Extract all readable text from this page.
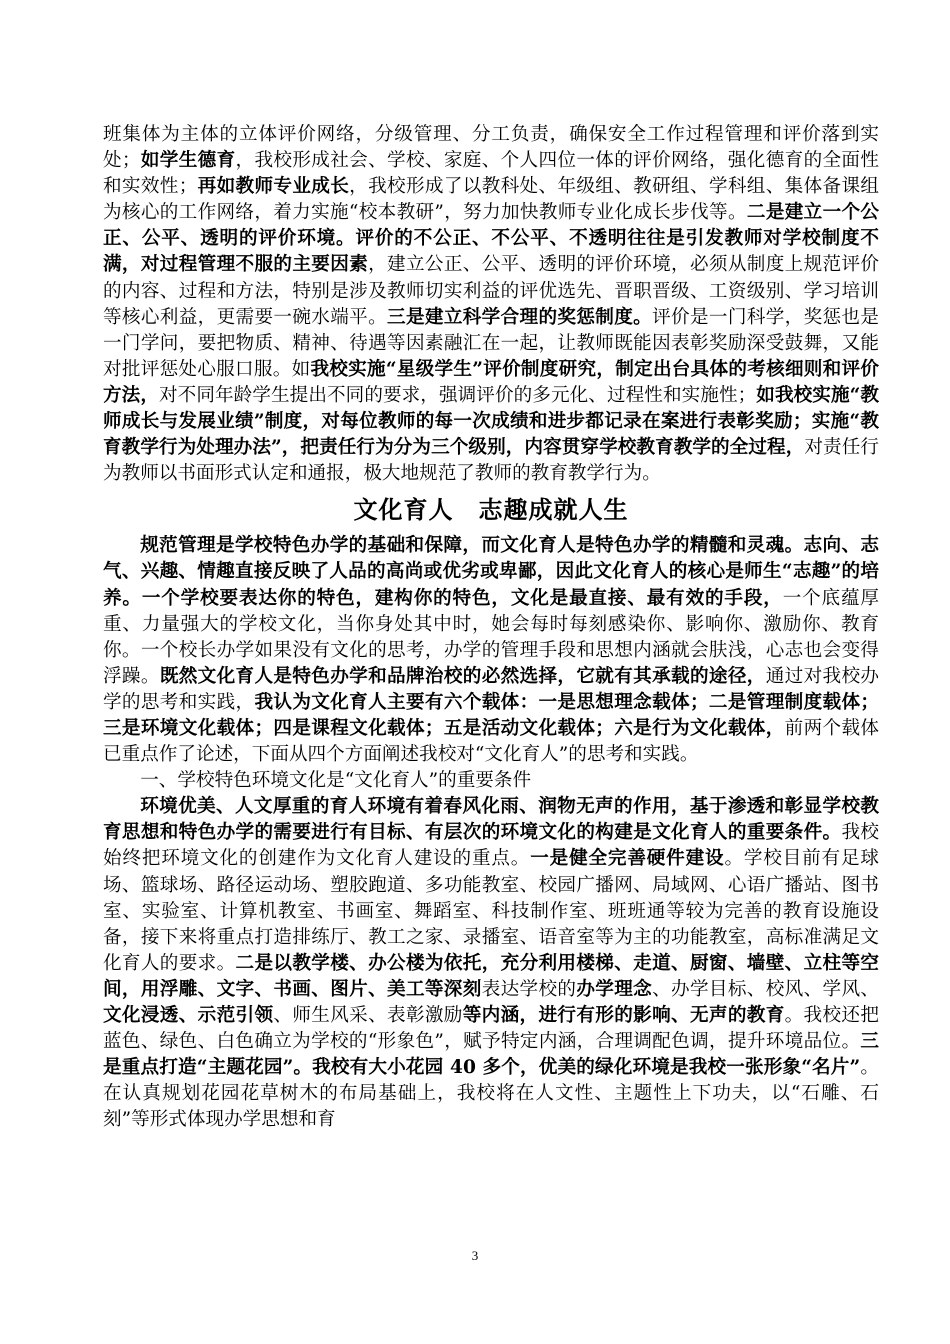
班集体为主体的立体评价网络，分级管理、分工负责，确保安全工作过程管理和评价落到实处；如学生德育，我校形成社会、学校、家庭、个人四位一体的评价网络，强化德育的全面性和实效性；再如教师专业成长，我校形成了以教科处、年级组、教研组、学科组、集体备课组为核心的工作网络，着力实施“校本教研”，努力加快教师专业化成长步伐等。二是建立一个公正、公平、透明的评价环境。评价的不公正、不公平、不透明往往是引发教师对学校制度不满，对过程管理不服的主要因素，建立公正、公平、透明的评价环境，必须从制度上规范评价的内容、过程和方法，特别是涉及教师切实利益的评优选先、晋职晋级、工资级别、学习培训等核心利益，更需要一碗水端平。三是建立科学合理的奖惩制度。评价是一门科学，奖惩也是一门学问，要把物质、精神、待遇等因素融汇在一起，让教师既能因表彰奖励深受鼓舞，又能对批评惩处心服口服。如我校实施“星级学生”评价制度研究，制定出台具体的考核细则和评价方法，对不同年龄学生提出不同的要求，强调评价的多元化、过程性和实施性；如我校实施“教师成长与发展业绩”制度，对每位教师的每一次成绩和进步都记录在案进行表彰奖励；实施“教育教学行为处理办法”，把责任行为分为三个级别，内容贯穿学校教育教学的全过程，对责任行为教师以书面形式认定和通报，极大地规范了教师的教育教学行为。

文化育人　志趣成就人生

规范管理是学校特色办学的基础和保障，而文化育人是特色办学的精髓和灵魂。志向、志气、兴趣、情趣直接反映了人品的高尚或优劣或卑鄙，因此文化育人的核心是师生“志趣”的培养。一个学校要表达你的特色，建构你的特色，文化是最直接、最有效的手段，一个底蕴厚重、力量强大的学校文化，当你身处其中时，她会每时每刻感染你、影响你、激励你、教育你。一个校长办学如果没有文化的思考，办学的管理手段和思想内涵就会肤浅，心志也会变得浮躁。既然文化育人是特色办学和品牌治校的必然选择，它就有其承载的途径，通过对我校办学的思考和实践，我认为文化育人主要有六个载体：一是思想理念载体；二是管理制度载体；三是环境文化载体；四是课程文化载体；五是活动文化载体；六是行为文化载体，前两个载体已重点作了论述，下面从四个方面阐述我校对“文化育人”的思考和实践。

一、学校特色环境文化是“文化育人”的重要条件

环境优美、人文厚重的育人环境有着春风化雨、润物无声的作用，基于渗透和彰显学校教育思想和特色办学的需要进行有目标、有层次的环境文化的构建是文化育人的重要条件。我校始终把环境文化的创建作为文化育人建设的重点。一是健全完善硬件建设。学校目前有足球场、篮球场、路径运动场、塑胶跑道、多功能教室、校园广播网、局域网、心语广播站、图书室、实验室、计算机教室、书画室、舞蹈室、科技制作室、班班通等较为完善的教育设施设备，接下来将重点打造排练厅、教工之家、录播室、语音室等为主的功能教室，高标准满足文化育人的要求。二是以教学楼、办公楼为依托，充分利用楼梯、走道、厨窗、墙壁、立柱等空间，用浮雕、文字、书画、图片、美工等深刻表达学校的办学理念、办学目标、校风、学风、文化浸透、示范引领、师生风采、表彰激励等内涵，进行有形的影响、无声的教育。我校还把蓝色、绿色、白色确立为学校的“形象色”，赋予特定内涵，合理调配色调，提升环境品位。三是重点打造“主题花园”。我校有大小花园 40 多个，优美的绿化环境是我校一张形象“名片”。在认真规划花园花草树木的布局基础上，我校将在人文性、主题性上下功夫，以“石雕、石刻”等形式体现办学思想和育

3
